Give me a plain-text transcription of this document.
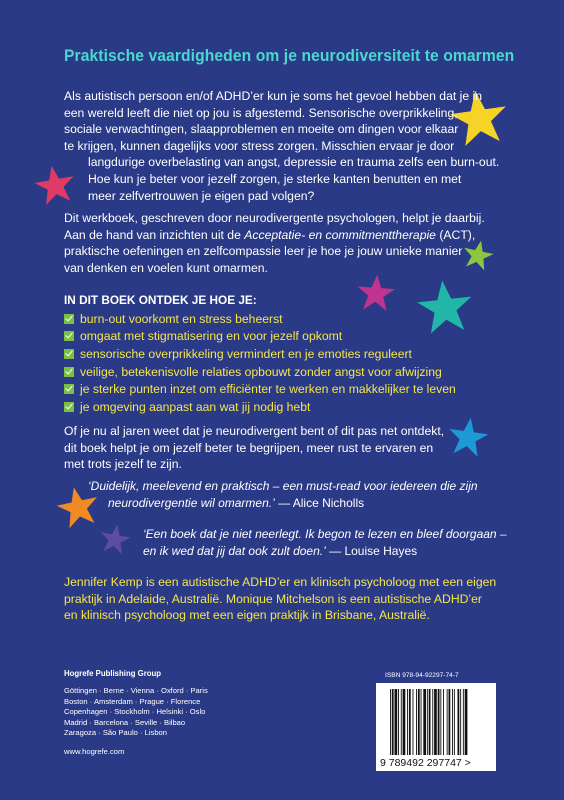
Praktische vaardigheden om je neurodiversiteit te omarmen
Als autistisch persoon en/of ADHD’er kun je soms het gevoel hebben dat je in
een wereld leeft die niet op jou is afgestemd. Sensorische overprikkeling,
sociale verwachtingen, slaapproblemen en moeite om dingen voor elkaar
te krijgen, kunnen dagelijks voor stress zorgen. Misschien ervaar je door
langdurige overbelasting van angst, depressie en trauma zelfs een burn-out.
Hoe kun je beter voor jezelf zorgen, je sterke kanten benutten en met
meer zelfvertrouwen je eigen pad volgen?
Dit werkboek, geschreven door neurodivergente psychologen, helpt je daarbij.
Aan de hand van inzichten uit de Acceptatie- en commitmenttherapie (ACT),
praktische oefeningen en zelfcompassie leer je hoe je jouw unieke manier
van denken en voelen kunt omarmen.
IN DIT BOEK ONTDEK JE HOE JE:
burn-out voorkomt en stress beheerst
omgaat met stigmatisering en voor jezelf opkomt
sensorische overprikkeling vermindert en je emoties reguleert
veilige, betekenisvolle relaties opbouwt zonder angst voor afwijzing
je sterke punten inzet om efficiënter te werken en makkelijker te leven
je omgeving aanpast aan wat jij nodig hebt
Of je nu al jaren weet dat je neurodivergent bent of dit pas net ontdekt,
dit boek helpt je om jezelf beter te begrijpen, meer rust te ervaren en
met trots jezelf te zijn.
‘Duidelijk, meelevend en praktisch – een must-read voor iedereen die zijn
neurodivergentie wil omarmen.’ — Alice Nicholls
‘Een boek dat je niet neerlegt. Ik begon te lezen en bleef doorgaan –
en ik wed dat jij dat ook zult doen.’ — Louise Hayes
Jennifer Kemp is een autistische ADHD’er en klinisch psycholoog met een eigen
praktijk in Adelaide, Australië. Monique Mitchelson is een autistische ADHD’er
en klinisch psycholoog met een eigen praktijk in Brisbane, Australië.
Hogrefe Publishing Group
Göttingen · Berne · Vienna · Oxford · Paris
Boston · Amsterdam · Prague · Florence
Copenhagen · Stockholm · Helsinki · Oslo
Madrid · Barcelona · Seville · Bilbao
Zaragoza · São Paulo · Lisbon
www.hogrefe.com
ISBN 978-94-92297-74-7
9 789492 297747 >
